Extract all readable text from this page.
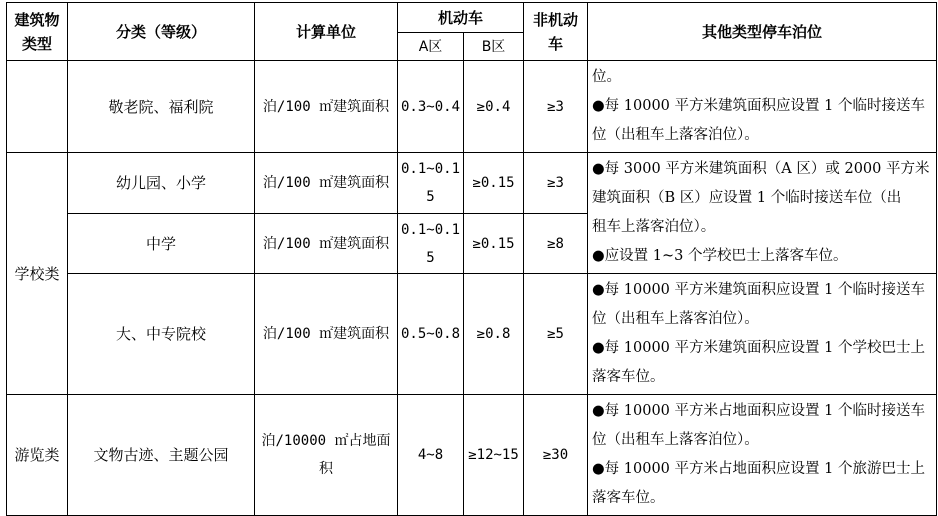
建筑物类型	分类（等级）	计算单位	机动车		非机动车	其他类型停车泊位
			A区	B区		
	敬老院、福利院	泊/100 ㎡建筑面积	0.3~0.4	≥0.4	≥3	位。
●每 10000 平方米建筑面积应设置 1 个临时接送车
位（出租车上落客泊位）。

学校类	幼儿园、小学	泊/100 ㎡建筑面积	0.1~0.15	≥0.15	≥3	●每 3000 平方米建筑面积（A 区）或 2000 平方米
建筑面积（B 区）应设置 1 个临时接送车位（出
租车上落客泊位）。
●应设置 1~3 个学校巴士上落客车位。

	中学	泊/100 ㎡建筑面积	0.1~0.15	≥0.15	≥8	
	大、中专院校	泊/100 ㎡建筑面积	0.5~0.8	≥0.8	≥5	●每 10000 平方米建筑面积应设置 1 个临时接送车
位（出租车上落客泊位）。
●每 10000 平方米建筑面积应设置 1 个学校巴士上
落客车位。

游览类	文物古迹、主题公园	泊/10000 ㎡占地面
积	4~8	≥12~15	≥30	●每 10000 平方米占地面积应设置 1 个临时接送车
位（出租车上落客泊位）。
●每 10000 平方米占地面积应设置 1 个旅游巴士上
落客车位。
